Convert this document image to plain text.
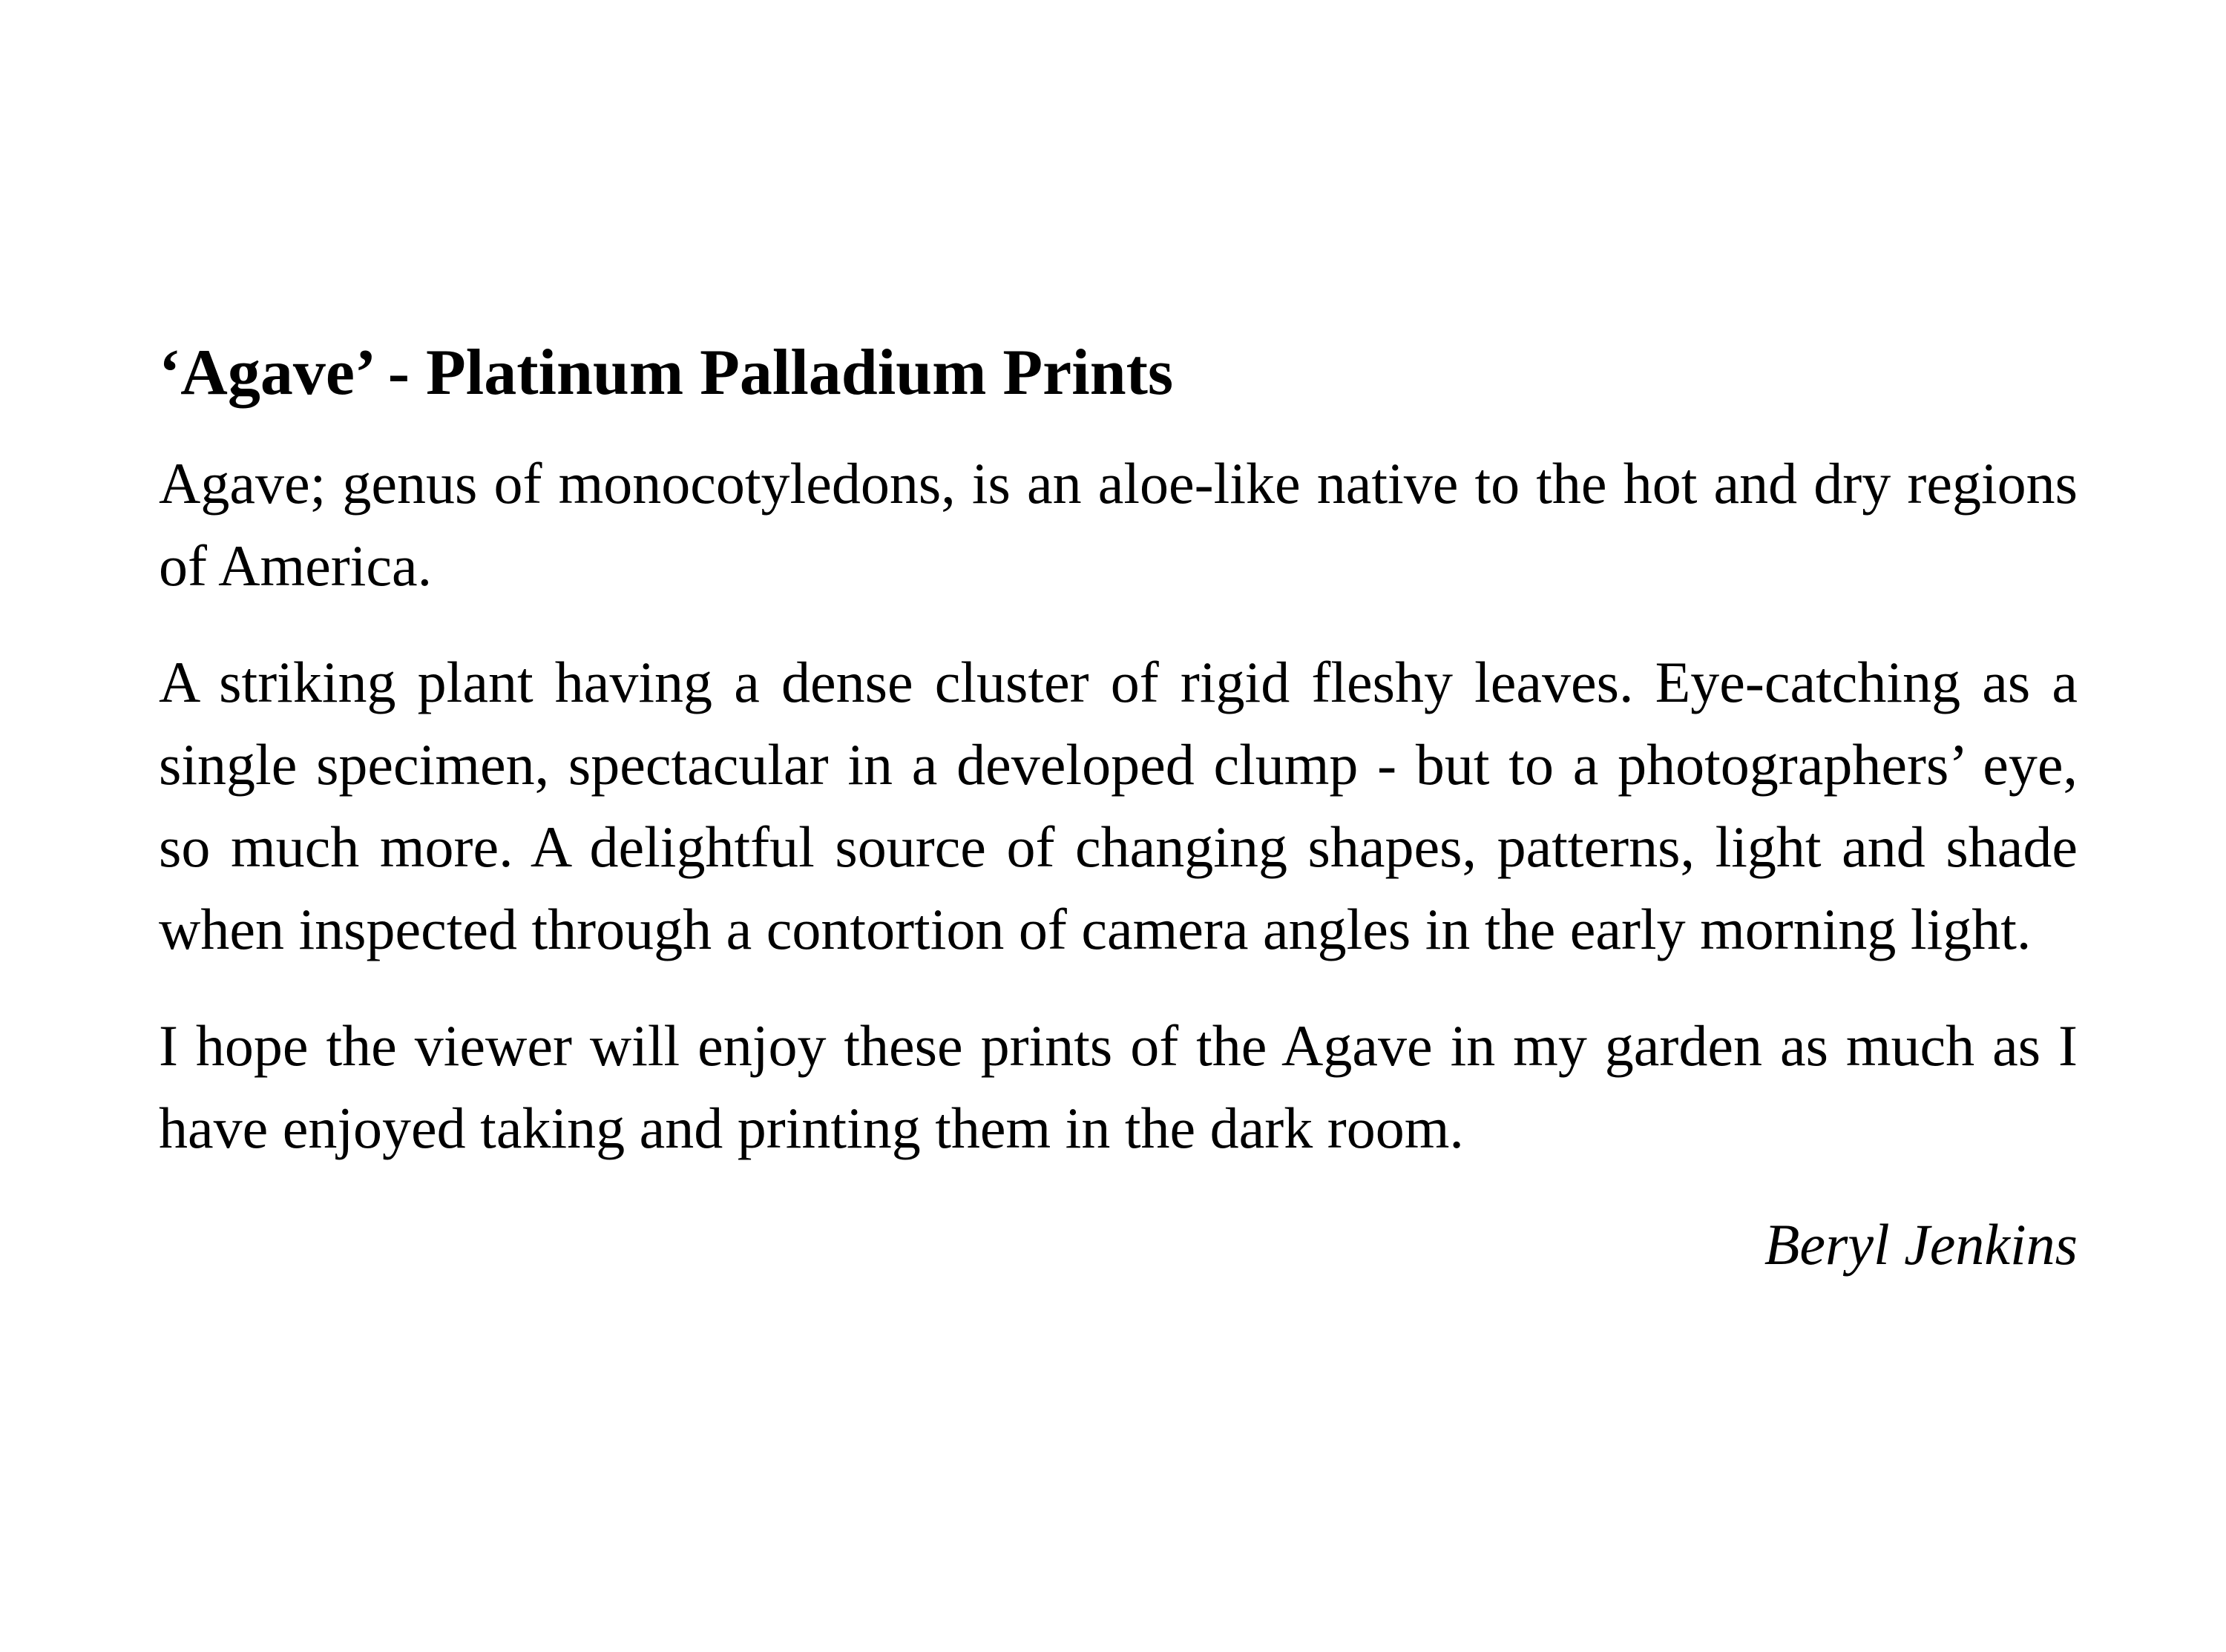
‘Agave’ - Platinum Palladium Prints

Agave; genus of monocotyledons, is an aloe-like native to the hot and dry regions of America.

A striking plant having a dense cluster of rigid fleshy leaves. Eye-catching as a single specimen, spectacular in a developed clump - but to a photographers’ eye, so much more. A delightful source of changing shapes, patterns, light and shade when inspected through a contortion of camera angles in the early morning light.

I hope the viewer will enjoy these prints of the Agave in my garden as much as I have enjoyed taking and printing them in the dark room.

Beryl Jenkins
